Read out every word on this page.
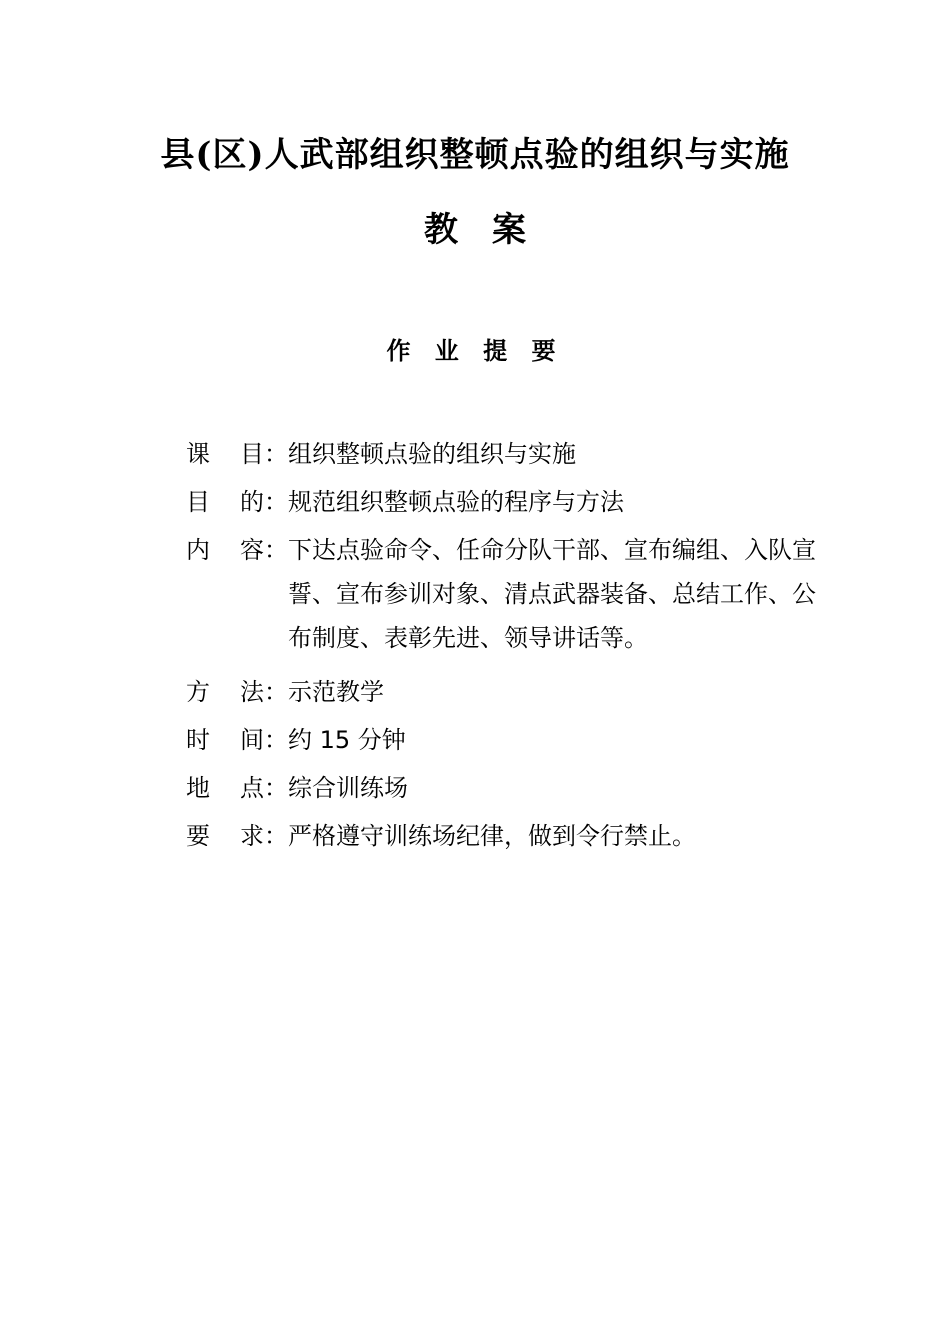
县(区)人武部组织整顿点验的组织与实施
教　案
作 业 提 要
课 目： 组织整顿点验的组织与实施
目 的： 规范组织整顿点验的程序与方法
内 容： 下达点验命令、任命分队干部、宣布编组、入队宣誓、宣布参训对象、清点武器装备、总结工作、公布制度、表彰先进、领导讲话等。
方 法： 示范教学
时 间： 约 15 分钟
地 点： 综合训练场
要 求： 严格遵守训练场纪律，做到令行禁止。
